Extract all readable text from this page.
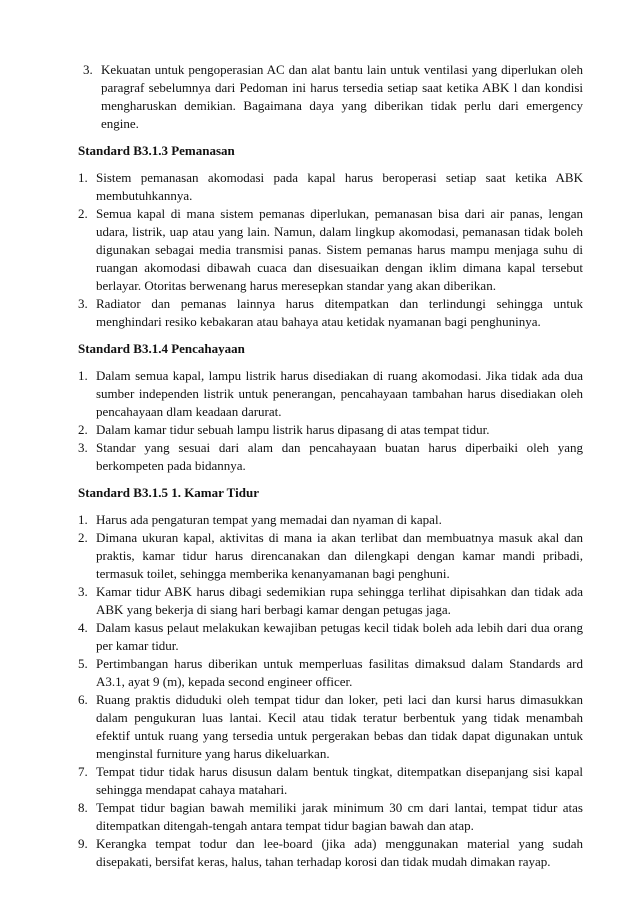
3. Kekuatan untuk pengoperasian AC dan alat bantu lain untuk ventilasi yang diperlukan oleh paragraf sebelumnya dari Pedoman ini harus tersedia setiap saat ketika ABK l dan kondisi mengharuskan demikian. Bagaimana daya yang diberikan tidak perlu dari emergency engine.
Standard B3.1.3 Pemanasan
1. Sistem pemanasan akomodasi pada kapal harus beroperasi setiap saat ketika ABK membutuhkannya.
2. Semua kapal di mana sistem pemanas diperlukan, pemanasan bisa dari air panas, lengan udara, listrik, uap atau yang lain. Namun, dalam lingkup akomodasi, pemanasan tidak boleh digunakan sebagai media transmisi panas. Sistem pemanas harus mampu menjaga suhu di ruangan akomodasi dibawah cuaca dan disesuaikan dengan iklim dimana kapal tersebut berlayar. Otoritas berwenang harus meresepkan standar yang akan diberikan.
3. Radiator dan pemanas lainnya harus ditempatkan dan terlindungi sehingga untuk menghindari resiko kebakaran atau bahaya atau ketidak nyamanan bagi penghuninya.
Standard B3.1.4 Pencahayaan
1. Dalam semua kapal, lampu listrik harus disediakan di ruang akomodasi. Jika tidak ada dua sumber independen listrik untuk penerangan, pencahayaan tambahan harus disediakan oleh pencahayaan dlam keadaan darurat.
2. Dalam kamar tidur sebuah lampu listrik harus dipasang di atas tempat tidur.
3. Standar yang sesuai dari alam dan pencahayaan buatan harus diperbaiki oleh yang berkompeten pada bidannya.
Standard B3.1.5 1. Kamar Tidur
1. Harus ada pengaturan tempat yang memadai dan nyaman di kapal.
2. Dimana ukuran kapal, aktivitas di mana ia akan terlibat dan membuatnya masuk akal dan praktis, kamar tidur harus direncanakan dan dilengkapi dengan kamar mandi pribadi, termasuk toilet, sehingga memberika kenanyamanan bagi penghuni.
3. Kamar tidur ABK harus dibagi sedemikian rupa sehingga terlihat dipisahkan dan tidak ada ABK yang bekerja di siang hari berbagi kamar dengan petugas jaga.
4. Dalam kasus pelaut melakukan kewajiban petugas kecil tidak boleh ada lebih dari dua orang per kamar tidur.
5. Pertimbangan harus diberikan untuk memperluas fasilitas dimaksud dalam Standards ard A3.1, ayat 9 (m), kepada second engineer officer.
6. Ruang praktis diduduki oleh tempat tidur dan loker, peti laci dan kursi harus dimasukkan dalam pengukuran luas lantai. Kecil atau tidak teratur berbentuk yang tidak menambah efektif untuk ruang yang tersedia untuk pergerakan bebas dan tidak dapat digunakan untuk menginstal furniture yang harus dikeluarkan.
7. Tempat tidur tidak harus disusun dalam bentuk tingkat, ditempatkan disepanjang sisi kapal sehingga mendapat cahaya matahari.
8. Tempat tidur bagian bawah memiliki jarak minimum 30 cm dari lantai, tempat tidur atas ditempatkan ditengah-tengah antara tempat tidur bagian bawah dan atap.
9. Kerangka tempat todur dan lee-board (jika ada) menggunakan material yang sudah disepakati, bersifat keras, halus, tahan terhadap korosi dan tidak mudah dimakan rayap.
